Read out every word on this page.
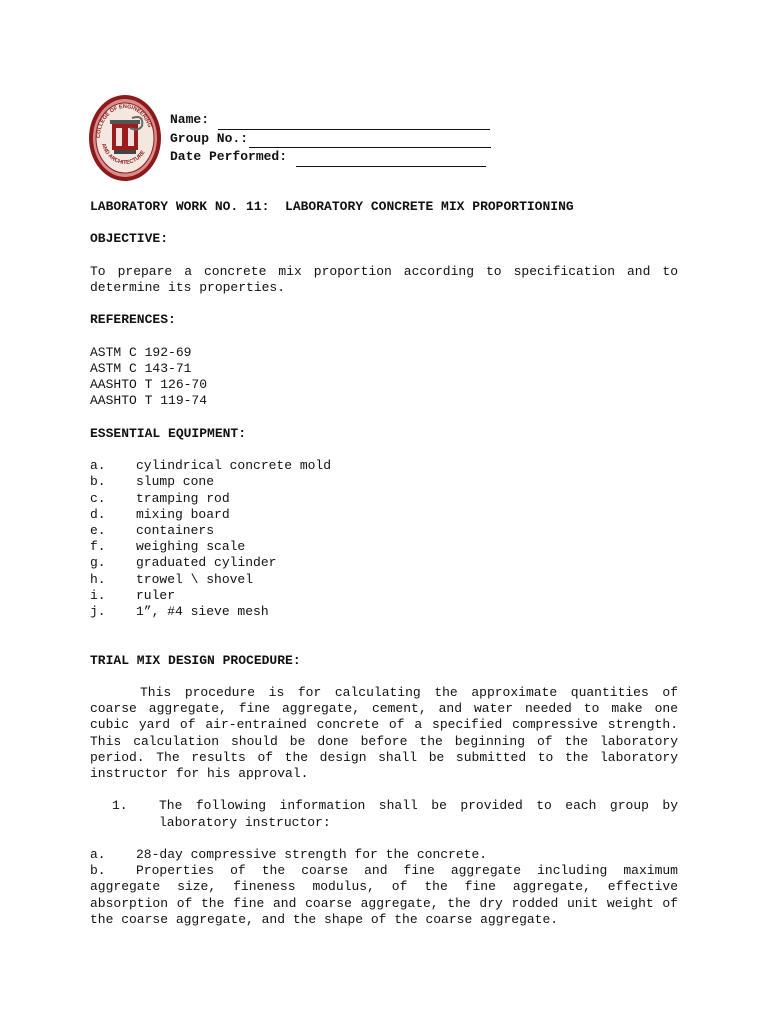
COLLEGE OF ENGINEERING
AND ARCHITECTURE
Name:
Group No.:
Date Performed:
LABORATORY WORK NO. 11:  LABORATORY CONCRETE MIX PROPORTIONING
OBJECTIVE:

To prepare a concrete mix proportion according to specification and to determine its properties.

REFERENCES:
ASTM C 192-69
ASTM C 143-71
AASHTO T 126-70
AASHTO T 119-74
ESSENTIAL EQUIPMENT:
a.	cylindrical concrete mold
b.	slump cone
c.	tramping rod
d.	mixing board
e.	containers
f.	weighing scale
g.	graduated cylinder
h.	trowel \ shovel
i.	ruler
j.	1”, #4 sieve mesh
TRIAL MIX DESIGN PROCEDURE:

This procedure is for calculating the approximate quantities of coarse aggregate, fine aggregate, cement, and water needed to make one cubic yard of air-entrained concrete of a specified compressive strength. This calculation should be done before the beginning of the laboratory period. The results of the design shall be submitted to the laboratory instructor for his approval.

1.	The following information shall be provided to each group by laboratory instructor:
a.	28-day compressive strength for the concrete.

b. Properties of the coarse and fine aggregate including maximum aggregate size, fineness modulus, of the fine aggregate, effective absorption of the fine and coarse aggregate, the dry rodded unit weight of the coarse aggregate, and the shape of the coarse aggregate.
